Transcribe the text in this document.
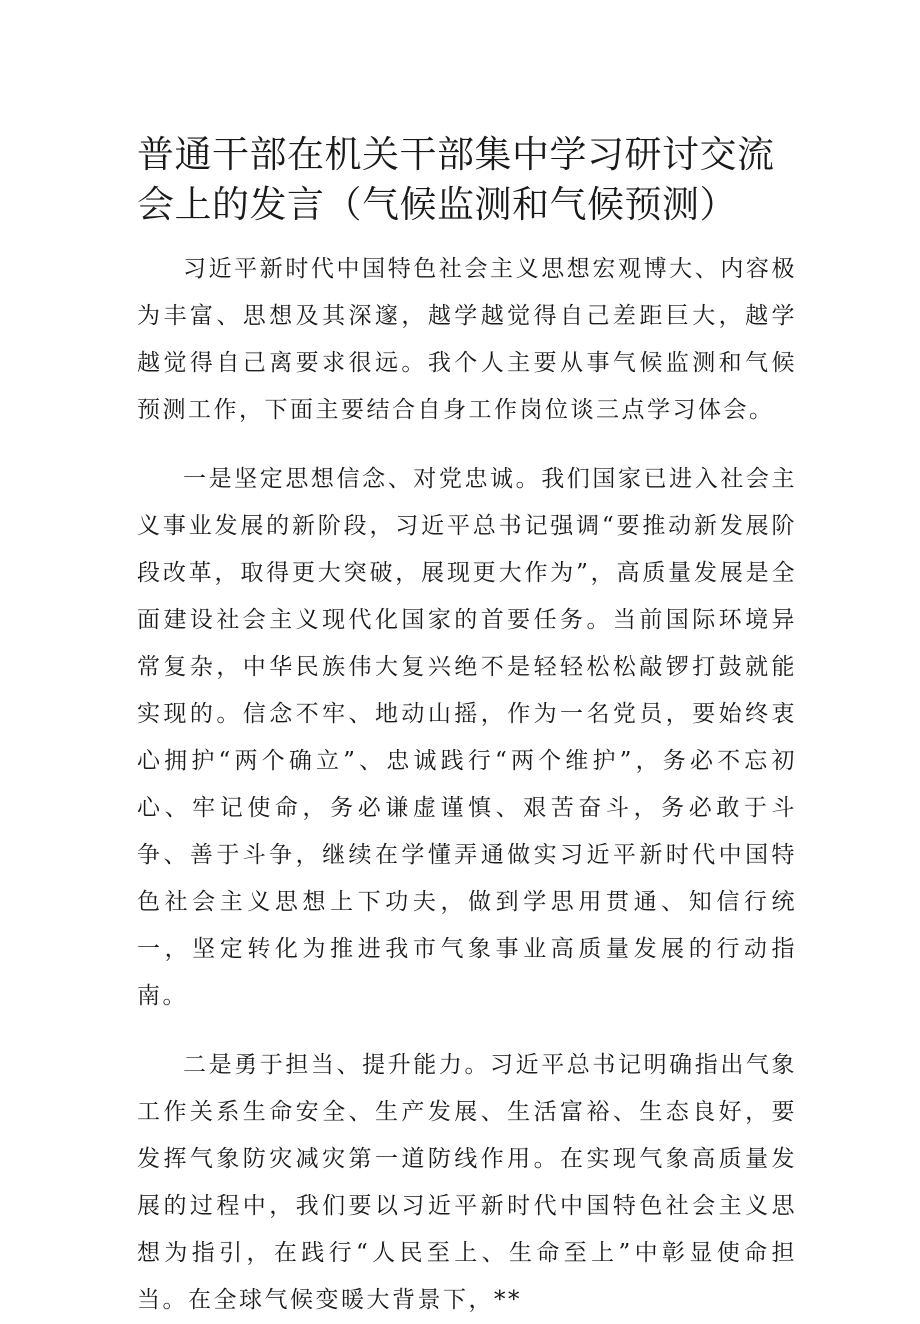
普通干部在机关干部集中学习研讨交流会上的发言（气候监测和气候预测）

习近平新时代中国特色社会主义思想宏观博大、内容极为丰富、思想及其深邃，越学越觉得自己差距巨大，越学越觉得自己离要求很远。我个人主要从事气候监测和气候预测工作，下面主要结合自身工作岗位谈三点学习体会。

一是坚定思想信念、对党忠诚。我们国家已进入社会主义事业发展的新阶段，习近平总书记强调“要推动新发展阶段改革，取得更大突破，展现更大作为”，高质量发展是全面建设社会主义现代化国家的首要任务。当前国际环境异常复杂，中华民族伟大复兴绝不是轻轻松松敲锣打鼓就能实现的。信念不牢、地动山摇，作为一名党员，要始终衷心拥护“两个确立”、忠诚践行“两个维护”，务必不忘初心、牢记使命，务必谦虚谨慎、艰苦奋斗，务必敢于斗争、善于斗争，继续在学懂弄通做实习近平新时代中国特色社会主义思想上下功夫，做到学思用贯通、知信行统一，坚定转化为推进我市气象事业高质量发展的行动指南。

二是勇于担当、提升能力。习近平总书记明确指出气象工作关系生命安全、生产发展、生活富裕、生态良好，要发挥气象防灾减灾第一道防线作用。在实现气象高质量发展的过程中，我们要以习近平新时代中国特色社会主义思想为指引，在践行“人民至上、生命至上”中彰显使命担当。在全球气候变暖大背景下，**
